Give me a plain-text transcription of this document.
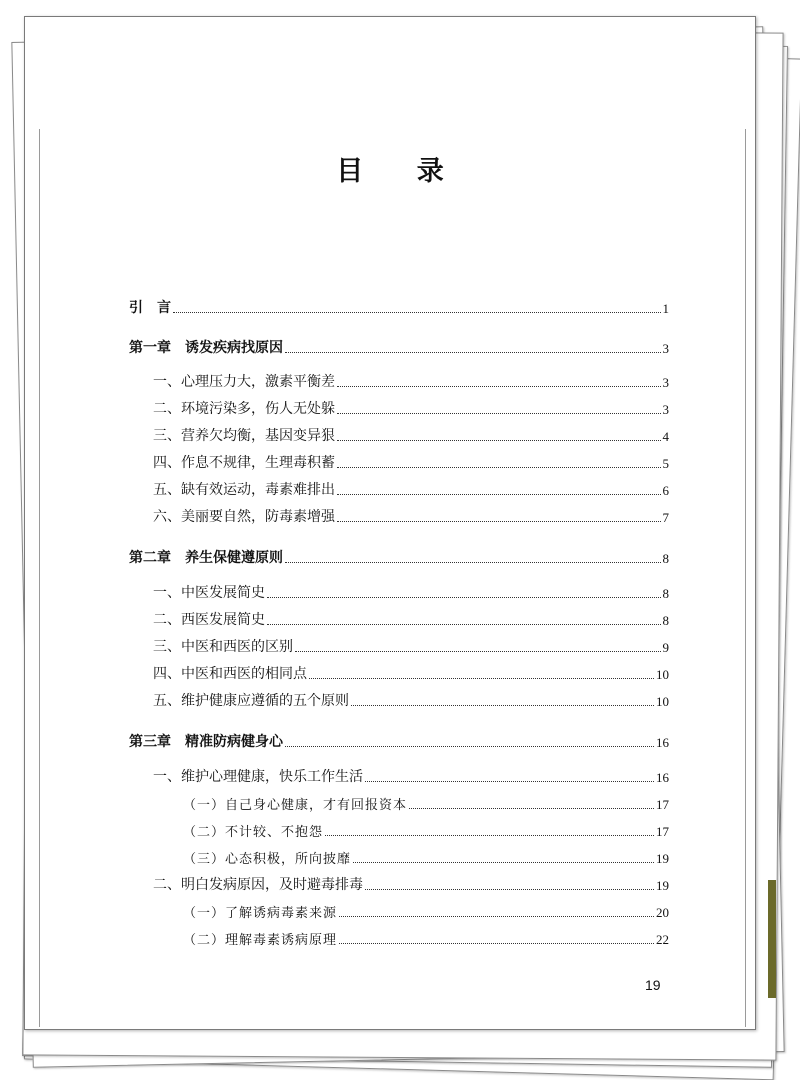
目 录
引　言	1
第一章　诱发疾病找原因	3
一、心理压力大，激素平衡差	3
二、环境污染多，伤人无处躲	3
三、营养欠均衡，基因变异狠	4
四、作息不规律，生理毒积蓄	5
五、缺有效运动，毒素难排出	6
六、美丽要自然，防毒素增强	7
第二章　养生保健遵原则	8
一、中医发展简史	8
二、西医发展简史	8
三、中医和西医的区别	9
四、中医和西医的相同点	10
五、维护健康应遵循的五个原则	10
第三章　精准防病健身心	16
一、维护心理健康，快乐工作生活	16
（一）自己身心健康，才有回报资本	17
（二）不计较、不抱怨	17
（三）心态积极，所向披靡	19
二、明白发病原因，及时避毒排毒	19
（一）了解诱病毒素来源	20
（二）理解毒素诱病原理	22
19
